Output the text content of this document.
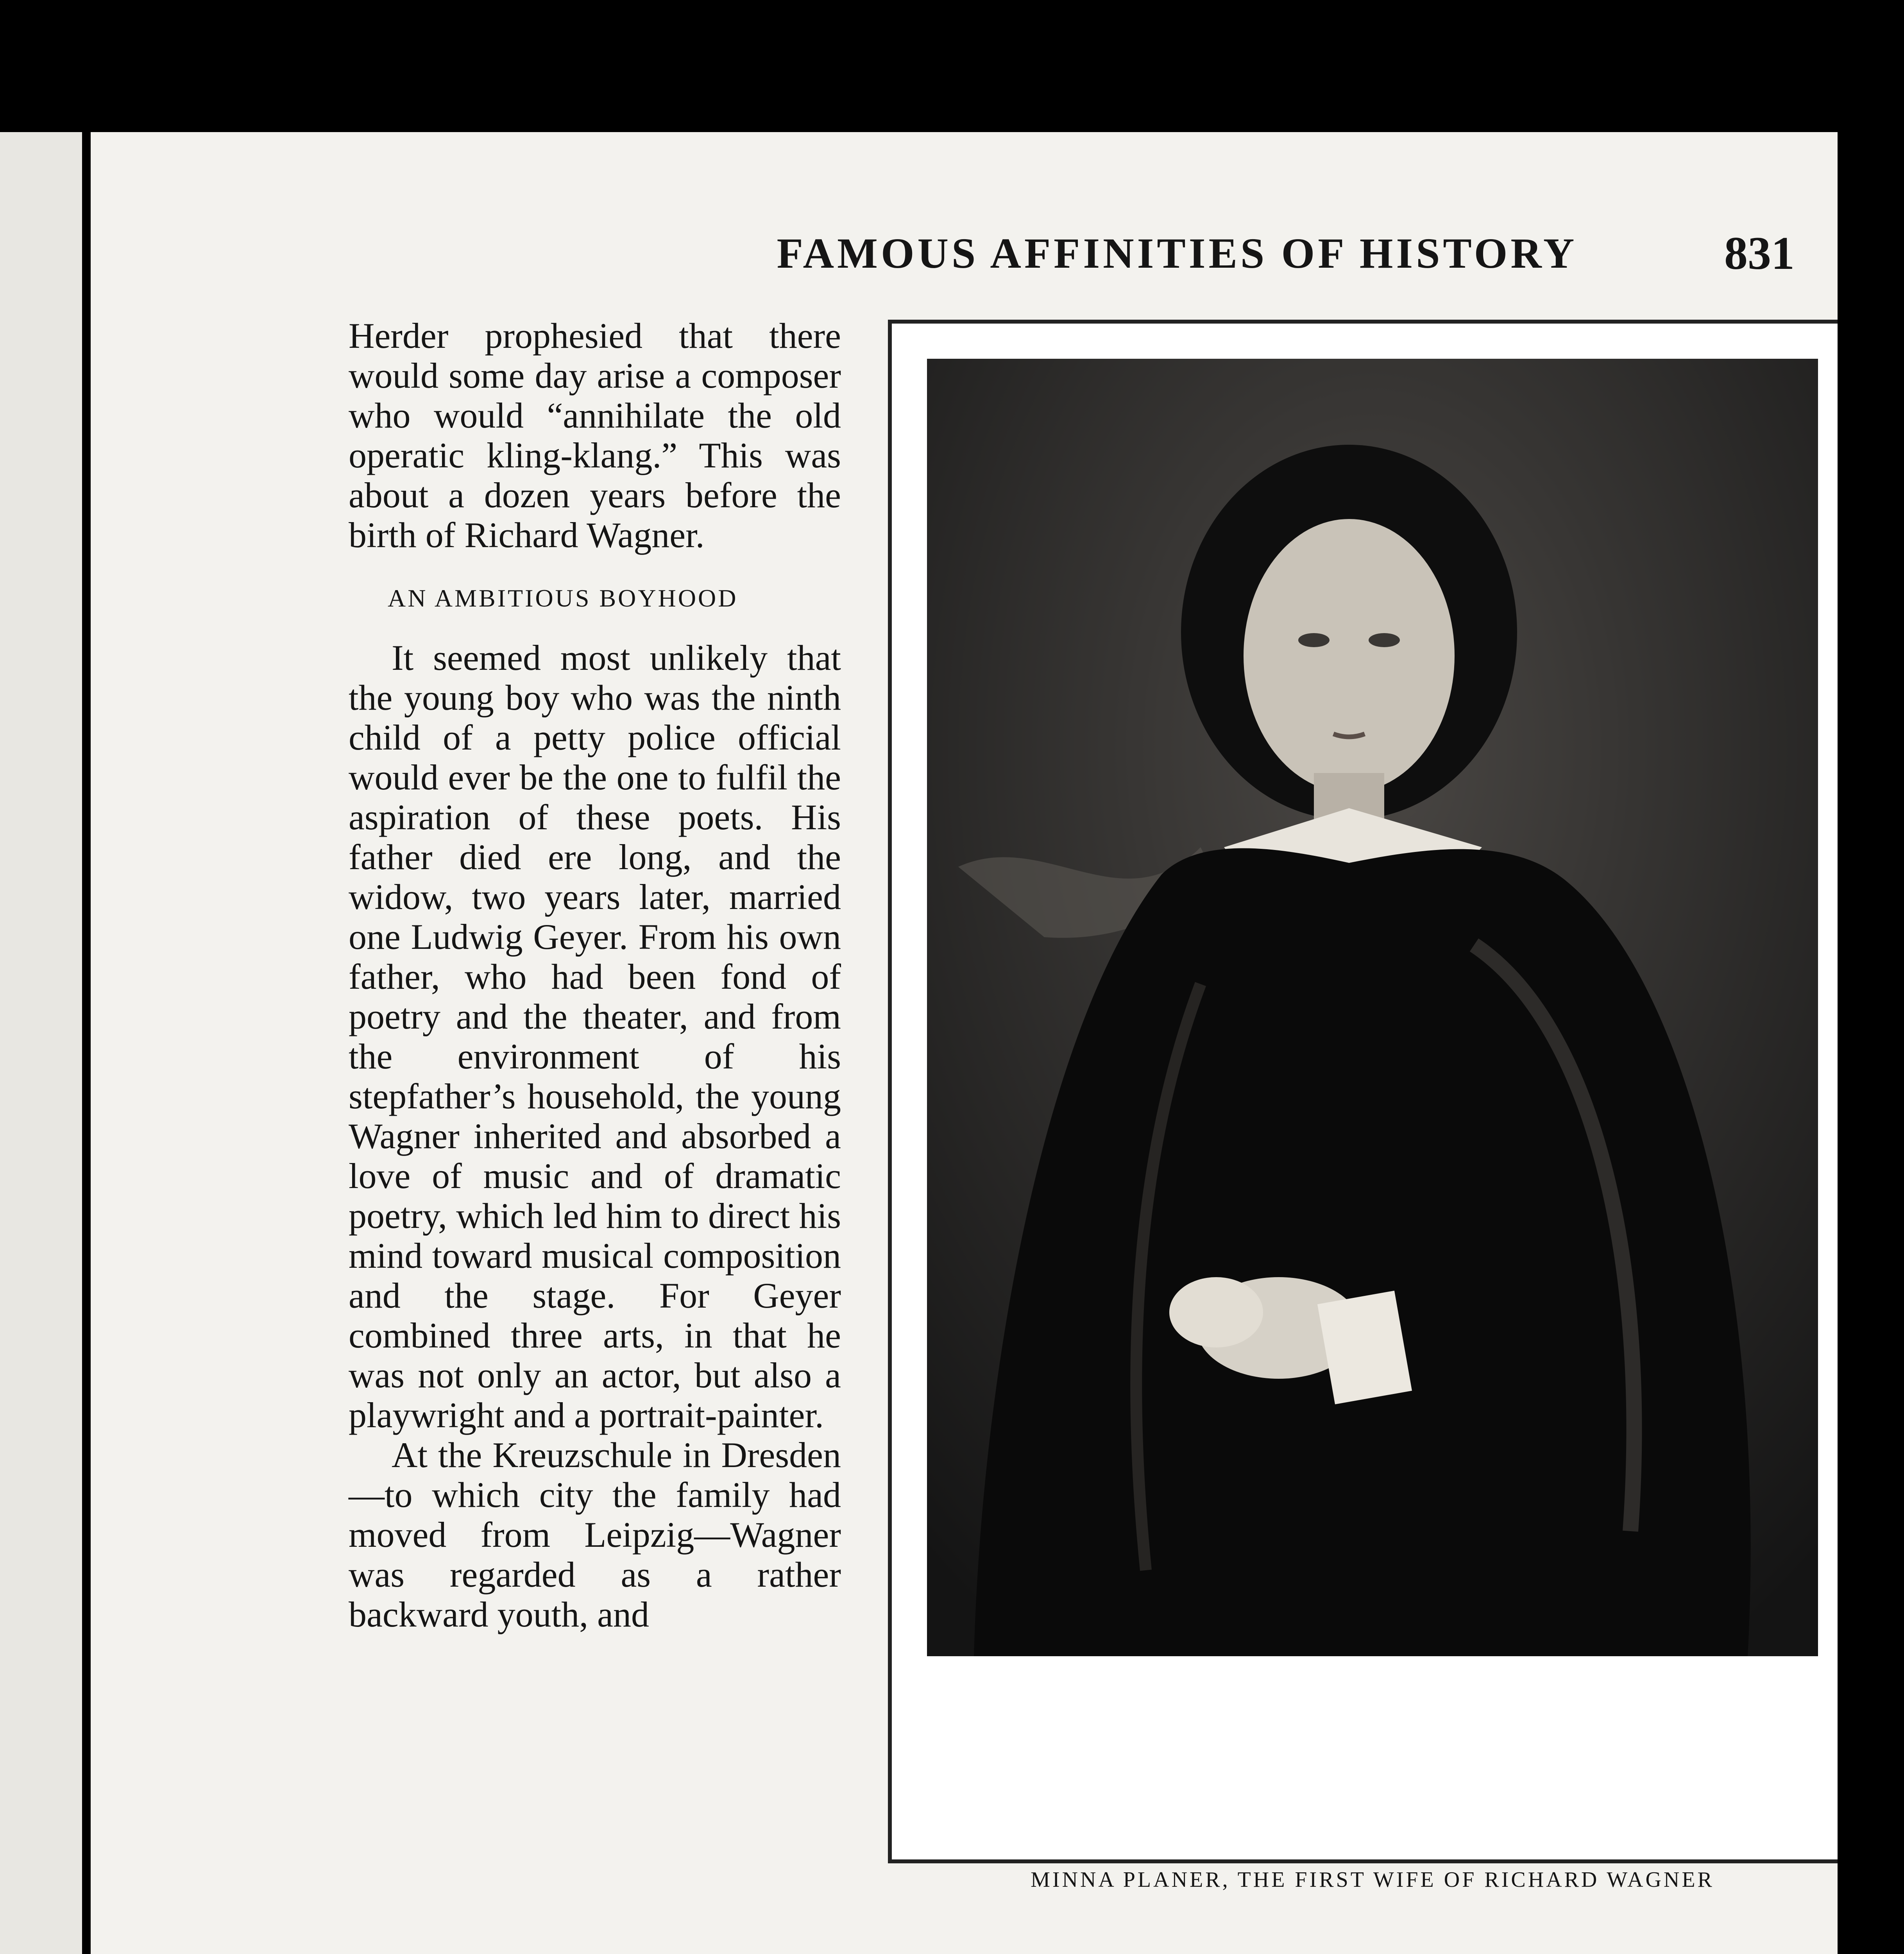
FAMOUS AFFINITIES OF HISTORY	831

Herder prophesied that there would some day arise a composer who would “annihilate the old operatic kling-klang.” This was about a dozen years before the birth of Richard Wagner.

AN AMBITIOUS BOYHOOD

It seemed most unlikely that the young boy who was the ninth child of a petty police official would ever be the one to fulfil the aspiration of these poets. His father died ere long, and the widow, two years later, married one Ludwig Geyer. From his own father, who had been fond of poetry and the theater, and from the environment of his stepfather’s household, the young Wagner inherited and absorbed a love of music and of dramatic poetry, which led him to direct his mind toward musical composition and the stage. For Geyer combined three arts, in that he was not only an actor, but also a playwright and a portrait-painter.

At the Kreuzschule in Dresden—to which city the family had moved from Leipzig—Wagner was regarded as a rather backward youth, and

MINNA PLANER, THE FIRST WIFE OF RICHARD WAGNER
